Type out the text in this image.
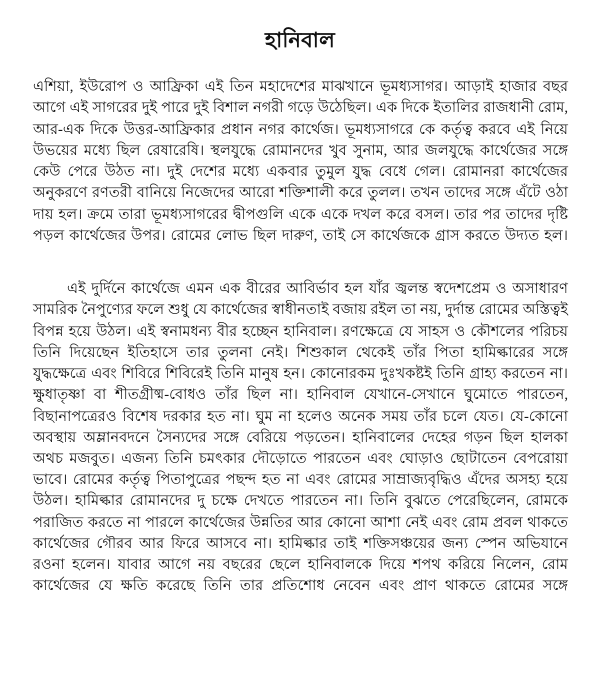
হানিবাল

এশিয়া, ইউরোপ ও আফ্রিকা এই তিন মহাদেশের মাঝখানে ভূমধ্যসাগর। আড়াই হাজার বছর আগে এই সাগরের দুই পারে দুই বিশাল নগরী গড়ে উঠেছিল। এক দিকে ইতালির রাজধানী রোম, আর-এক দিকে উত্তর-আফ্রিকার প্রধান নগর কার্থেজ। ভূমধ্যসাগরে কে কর্তৃত্ব করবে এই নিয়ে উভয়ের মধ্যে ছিল রেষারেষি। স্থলযুদ্ধে রোমানদের খুব সুনাম, আর জলযুদ্ধে কার্থেজের সঙ্গে কেউ পেরে উঠত না। দুই দেশের মধ্যে একবার তুমুল যুদ্ধ বেধে গেল। রোমানরা কার্থেজের অনুকরণে রণতরী বানিয়ে নিজেদের আরো শক্তিশালী করে তুলল। তখন তাদের সঙ্গে এঁটে ওঠা দায় হল। ক্রমে তারা ভূমধ্যসাগরের দ্বীপগুলি একে একে দখল করে বসল। তার পর তাদের দৃষ্টি পড়ল কার্থেজের উপর। রোমের লোভ ছিল দারুণ, তাই সে কার্থেজকে গ্রাস করতে উদ্যত হল।

এই দুর্দিনে কার্থেজে এমন এক বীরের আবির্ভাব হল যাঁর জ্বলন্ত স্বদেশপ্রেম ও অসাধারণ সামরিক নৈপুণ্যের ফলে শুধু যে কার্থেজের স্বাধীনতাই বজায় রইল তা নয়, দুর্দান্ত রোমের অস্তিত্বই বিপন্ন হয়ে উঠল। এই স্বনামধন্য বীর হচ্ছেন হানিবাল। রণক্ষেত্রে যে সাহস ও কৌশলের পরিচয় তিনি দিয়েছেন ইতিহাসে তার তুলনা নেই। শিশুকাল থেকেই তাঁর পিতা হামিল্কারের সঙ্গে যুদ্ধক্ষেত্রে এবং শিবিরে শিবিরেই তিনি মানুষ হন। কোনোরকম দুঃখকষ্টই তিনি গ্রাহ্য করতেন না। ক্ষুধাতৃষ্ণা বা শীতগ্রীষ্ম-বোধও তাঁর ছিল না। হানিবাল যেখানে-সেখানে ঘুমোতে পারতেন, বিছানাপত্রেরও বিশেষ দরকার হত না। ঘুম না হলেও অনেক সময় তাঁর চলে যেত। যে-কোনো অবস্থায় অম্লানবদনে সৈন্যদের সঙ্গে বেরিয়ে পড়তেন। হানিবালের দেহের গড়ন ছিল হালকা অথচ মজবুত। এজন্য তিনি চমৎকার দৌড়োতে পারতেন এবং ঘোড়াও ছোটাতেন বেপরোয়া ভাবে। রোমের কর্তৃত্ব পিতাপুত্রের পছন্দ হত না এবং রোমের সাম্রাজ্যবৃদ্ধিও এঁদের অসহ্য হয়ে উঠল। হামিল্কার রোমানদের দু চক্ষে দেখতে পারতেন না। তিনি বুঝতে পেরেছিলেন, রোমকে পরাজিত করতে না পারলে কার্থেজের উন্নতির আর কোনো আশা নেই এবং রোম প্রবল থাকতে কার্থেজের গৌরব আর ফিরে আসবে না। হামিল্কার তাই শক্তিসঞ্চয়ের জন্য স্পেন অভিযানে রওনা হলেন। যাবার আগে নয় বছরের ছেলে হানিবালকে দিয়ে শপথ করিয়ে নিলেন, রোম কার্থেজের যে ক্ষতি করেছে তিনি তার প্রতিশোধ নেবেন এবং প্রাণ থাকতে রোমের সঙ্গে
